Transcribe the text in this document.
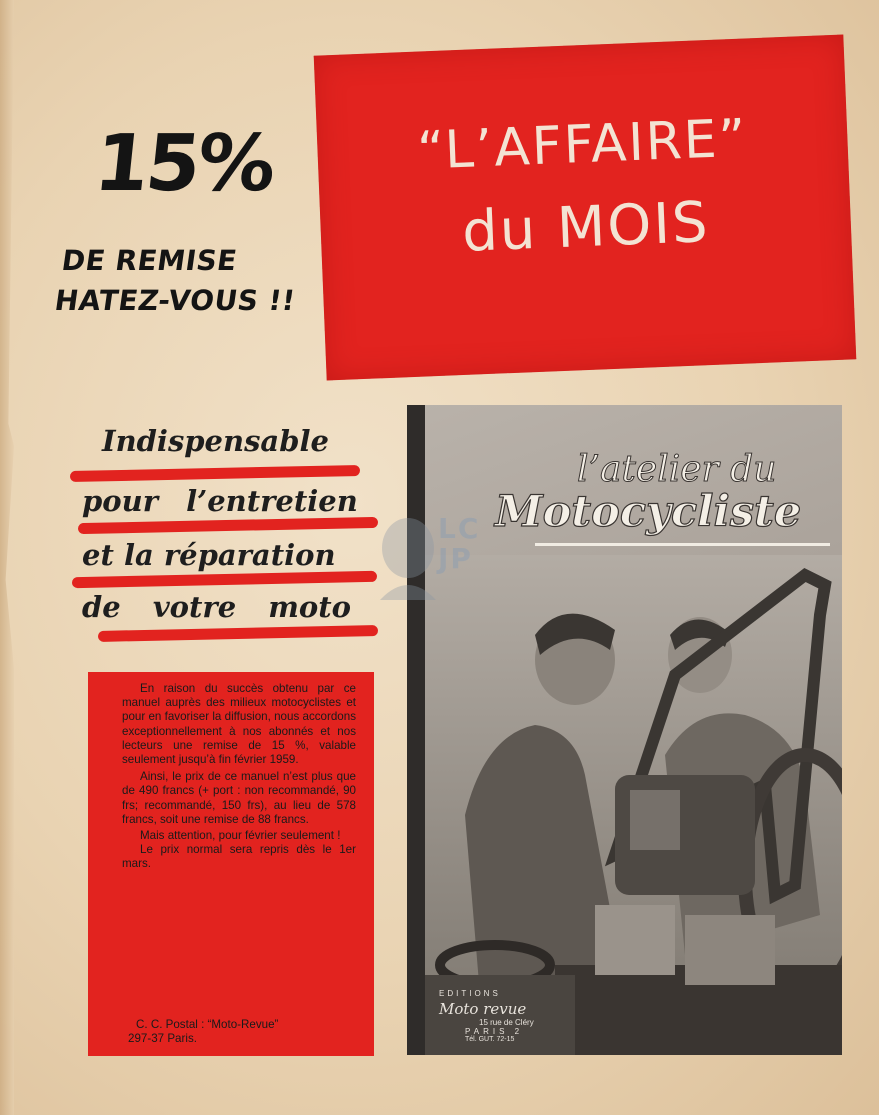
15%
DE REMISE
HATEZ-VOUS !!
“L’AFFAIRE”
du MOIS
Indispensable
pour l’entretien
et la réparation
de votre moto

En raison du succès obtenu par ce manuel auprès des milieux motocyclistes et pour en favoriser la diffusion, nous accordons exceptionnellement à nos abonnés et nos lecteurs une remise de 15 %, valable seulement jusqu’à fin février 1959.

Ainsi, le prix de ce manuel n’est plus que de 490 francs (+ port : non recommandé, 90 frs; recommandé, 150 frs), au lieu de 578 francs, soit une remise de 88 francs.

Mais attention, pour février seulement !

Le prix normal sera repris dès le 1er mars.

C. C. Postal : “Moto-Revue”
297-37 Paris.
l’atelier du
Motocycliste
EDITIONS
Moto revue
15 rue de Cléry
PARIS 2
Tél. GUT. 72-15
LC
JP
